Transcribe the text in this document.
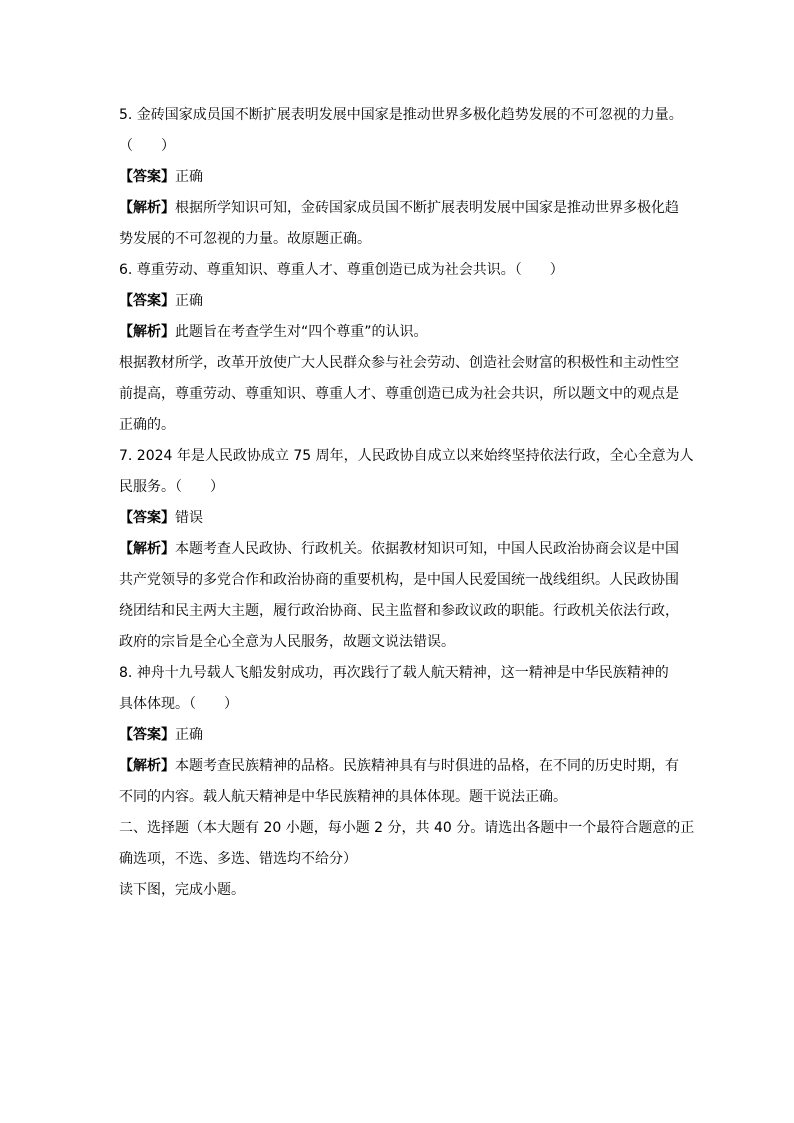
5. 金砖国家成员国不断扩展表明发展中国家是推动世界多极化趋势发展的不可忽视的力量。
（　　）
【答案】正确
【解析】根据所学知识可知，金砖国家成员国不断扩展表明发展中国家是推动世界多极化趋
势发展的不可忽视的力量。故原题正确。
6. 尊重劳动、尊重知识、尊重人才、尊重创造已成为社会共识。（　　）
【答案】正确
【解析】此题旨在考查学生对“四个尊重”的认识。
根据教材所学，改革开放使广大人民群众参与社会劳动、创造社会财富的积极性和主动性空
前提高，尊重劳动、尊重知识、尊重人才、尊重创造已成为社会共识，所以题文中的观点是
正确的。
7. 2024 年是人民政协成立 75 周年，人民政协自成立以来始终坚持依法行政，全心全意为人
民服务。（　　）
【答案】错误
【解析】本题考查人民政协、行政机关。依据教材知识可知，中国人民政治协商会议是中国
共产党领导的多党合作和政治协商的重要机构，是中国人民爱国统一战线组织。人民政协围
绕团结和民主两大主题，履行政治协商、民主监督和参政议政的职能。行政机关依法行政，
政府的宗旨是全心全意为人民服务，故题文说法错误。
8. 神舟十九号载人飞船发射成功，再次践行了载人航天精神，这一精神是中华民族精神的
具体体现。（　　）
【答案】正确
【解析】本题考查民族精神的品格。民族精神具有与时俱进的品格，在不同的历史时期，有
不同的内容。载人航天精神是中华民族精神的具体体现。题干说法正确。
二、选择题（本大题有 20 小题，每小题 2 分，共 40 分。请选出各题中一个最符合题意的正
确选项，不选、多选、错选均不给分）
读下图，完成小题。
